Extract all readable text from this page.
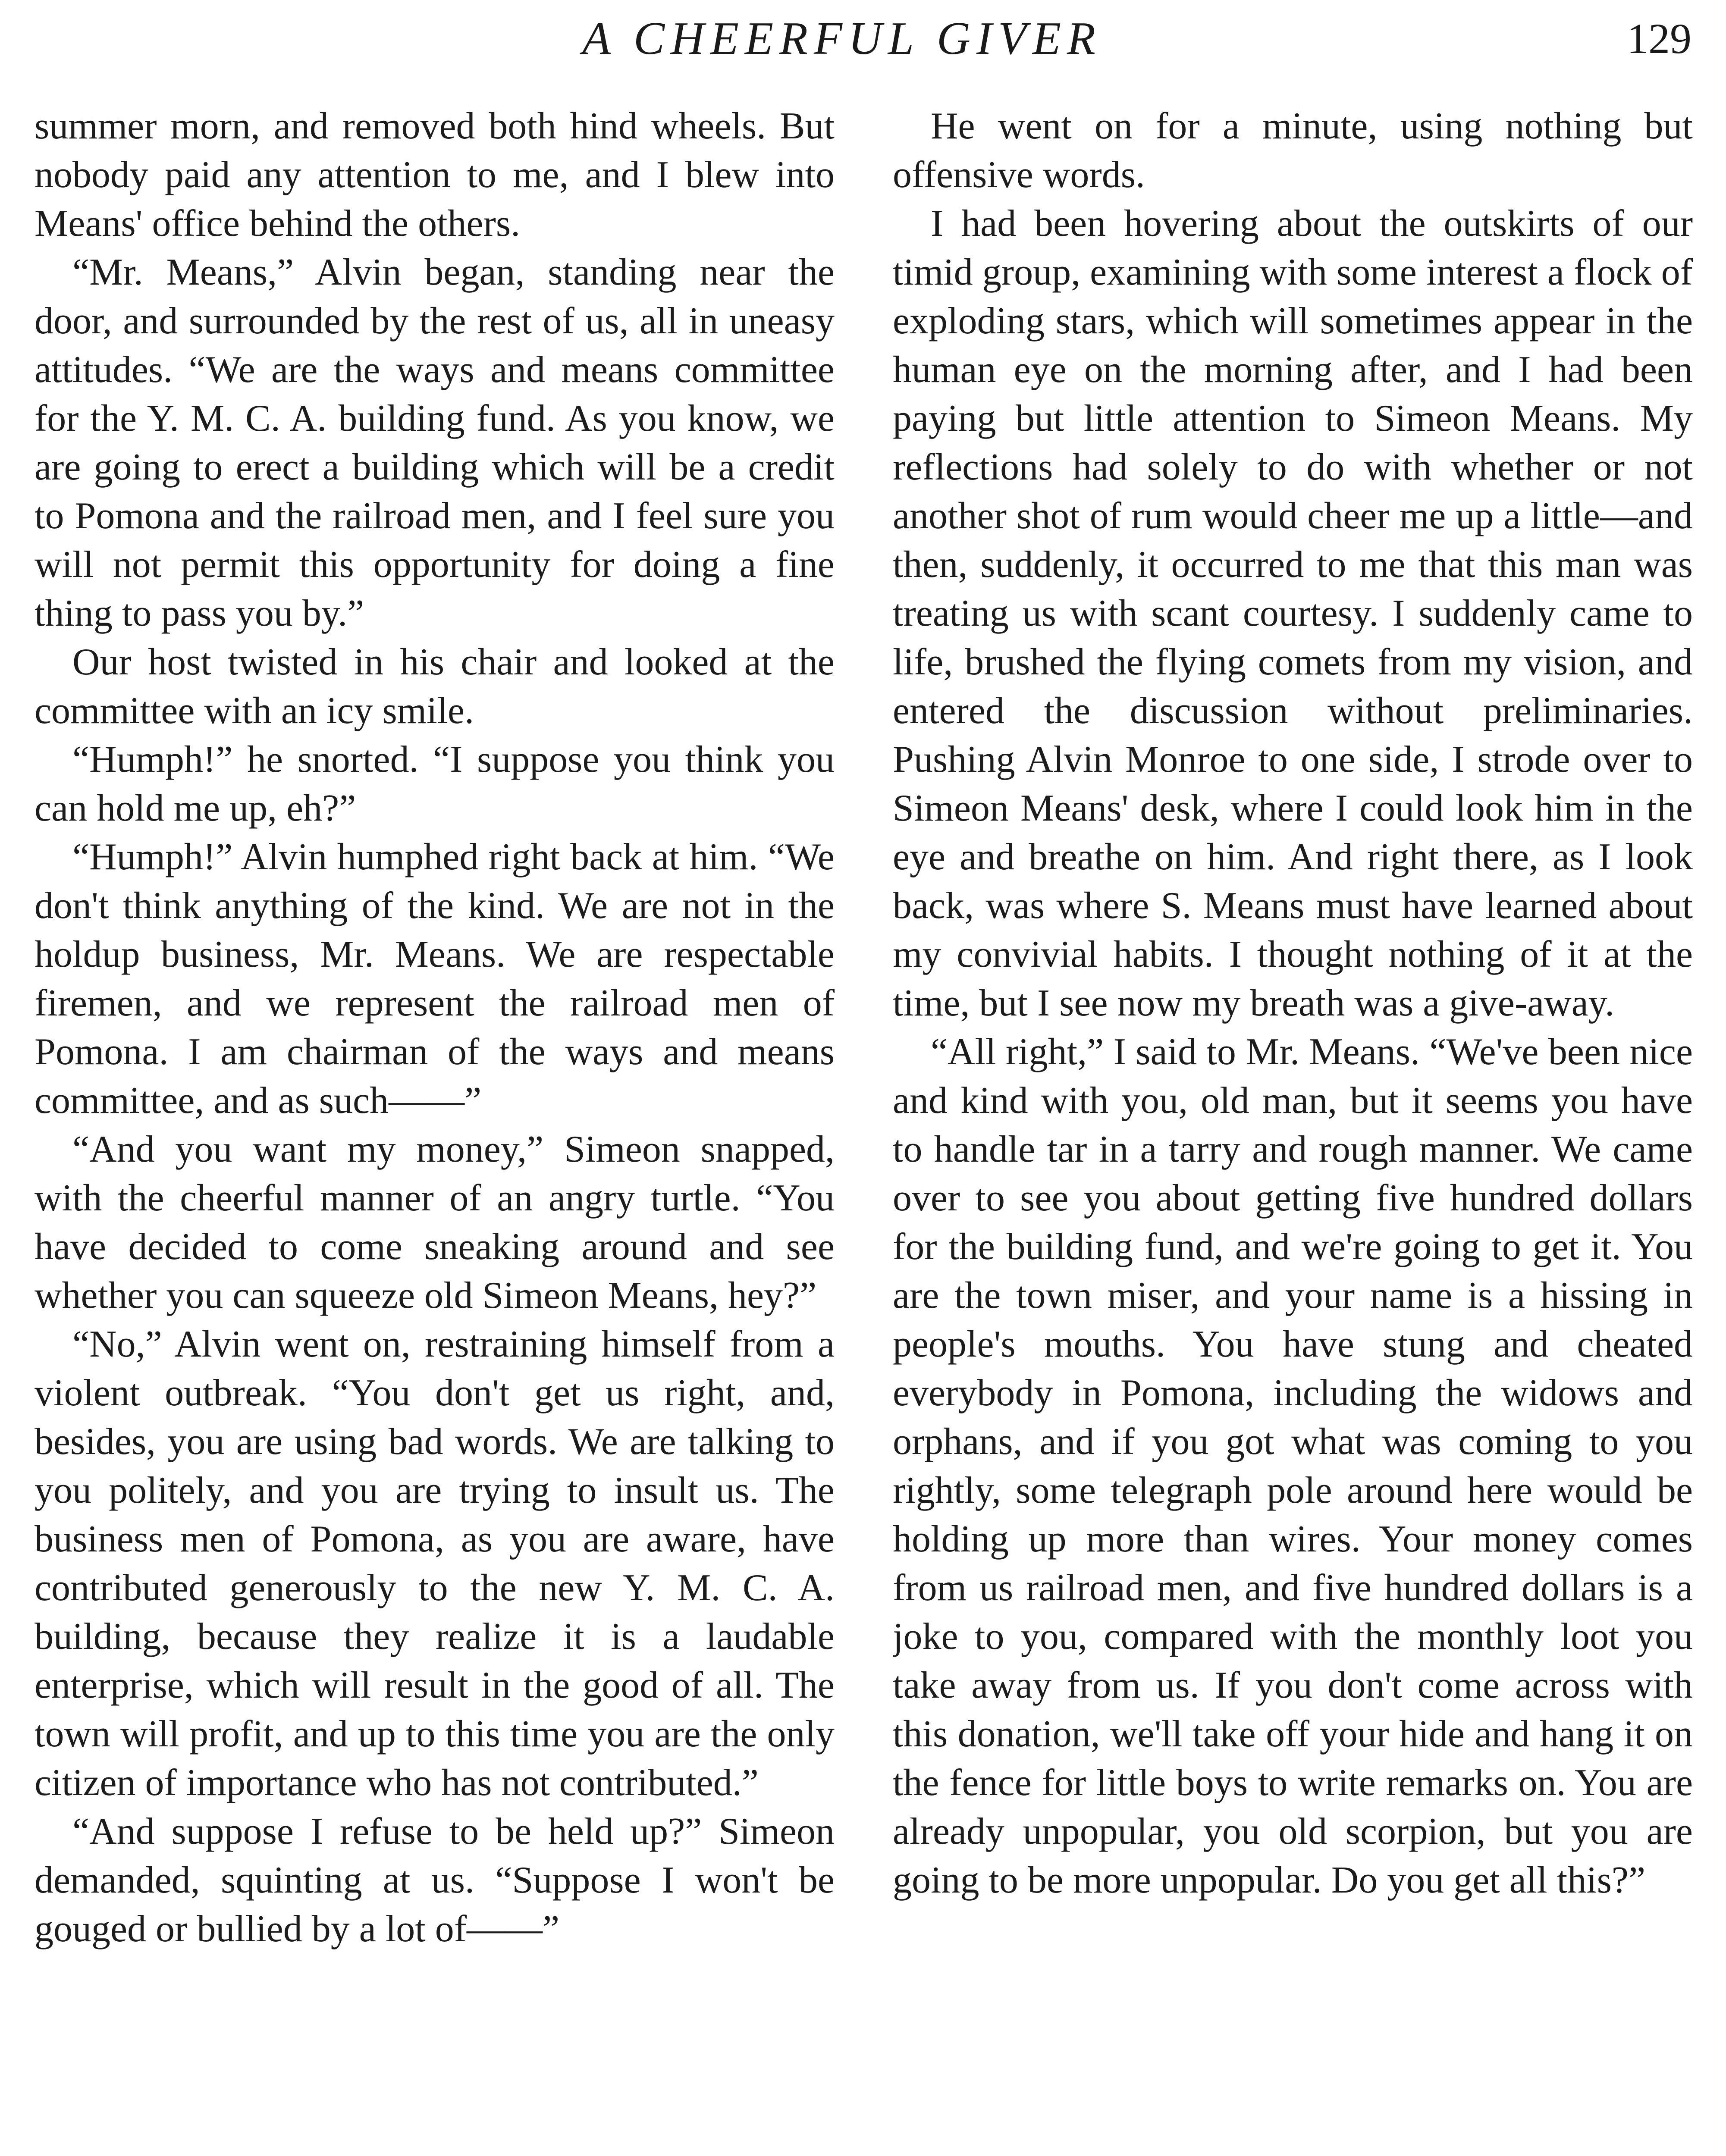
A CHEERFUL GIVER	129

summer morn, and removed both hind wheels. But nobody paid any attention to me, and I blew into Means' office behind the others.

“Mr. Means,” Alvin began, standing near the door, and surrounded by the rest of us, all in uneasy attitudes. “We are the ways and means committee for the Y. M. C. A. building fund. As you know, we are going to erect a building which will be a credit to Pomona and the railroad men, and I feel sure you will not permit this opportunity for doing a fine thing to pass you by.”

Our host twisted in his chair and looked at the committee with an icy smile.

“Humph!” he snorted. “I suppose you think you can hold me up, eh?”

“Humph!” Alvin humphed right back at him. “We don't think anything of the kind. We are not in the holdup business, Mr. Means. We are respectable firemen, and we represent the railroad men of Pomona. I am chairman of the ways and means committee, and as such——”

“And you want my money,” Simeon snapped, with the cheerful manner of an angry turtle. “You have decided to come sneaking around and see whether you can squeeze old Simeon Means, hey?”

“No,” Alvin went on, restraining himself from a violent outbreak. “You don't get us right, and, besides, you are using bad words. We are talking to you politely, and you are trying to insult us. The business men of Pomona, as you are aware, have contributed generously to the new Y. M. C. A. building, because they realize it is a laudable enterprise, which will result in the good of all. The town will profit, and up to this time you are the only citizen of importance who has not contributed.”

“And suppose I refuse to be held up?” Simeon demanded, squinting at us. “Suppose I won't be gouged or bullied by a lot of——”

He went on for a minute, using nothing but offensive words.

I had been hovering about the outskirts of our timid group, examining with some interest a flock of exploding stars, which will sometimes appear in the human eye on the morning after, and I had been paying but little attention to Simeon Means. My reflections had solely to do with whether or not another shot of rum would cheer me up a little—and then, suddenly, it occurred to me that this man was treating us with scant courtesy. I suddenly came to life, brushed the flying comets from my vision, and entered the discussion without preliminaries. Pushing Alvin Monroe to one side, I strode over to Simeon Means' desk, where I could look him in the eye and breathe on him. And right there, as I look back, was where S. Means must have learned about my convivial habits. I thought nothing of it at the time, but I see now my breath was a give-away.

“All right,” I said to Mr. Means. “We've been nice and kind with you, old man, but it seems you have to handle tar in a tarry and rough manner. We came over to see you about getting five hundred dollars for the building fund, and we're going to get it. You are the town miser, and your name is a hissing in people's mouths. You have stung and cheated everybody in Pomona, including the widows and orphans, and if you got what was coming to you rightly, some telegraph pole around here would be holding up more than wires. Your money comes from us railroad men, and five hundred dollars is a joke to you, compared with the monthly loot you take away from us. If you don't come across with this donation, we'll take off your hide and hang it on the fence for little boys to write remarks on. You are already unpopular, you old scorpion, but you are going to be more unpopular. Do you get all this?”
